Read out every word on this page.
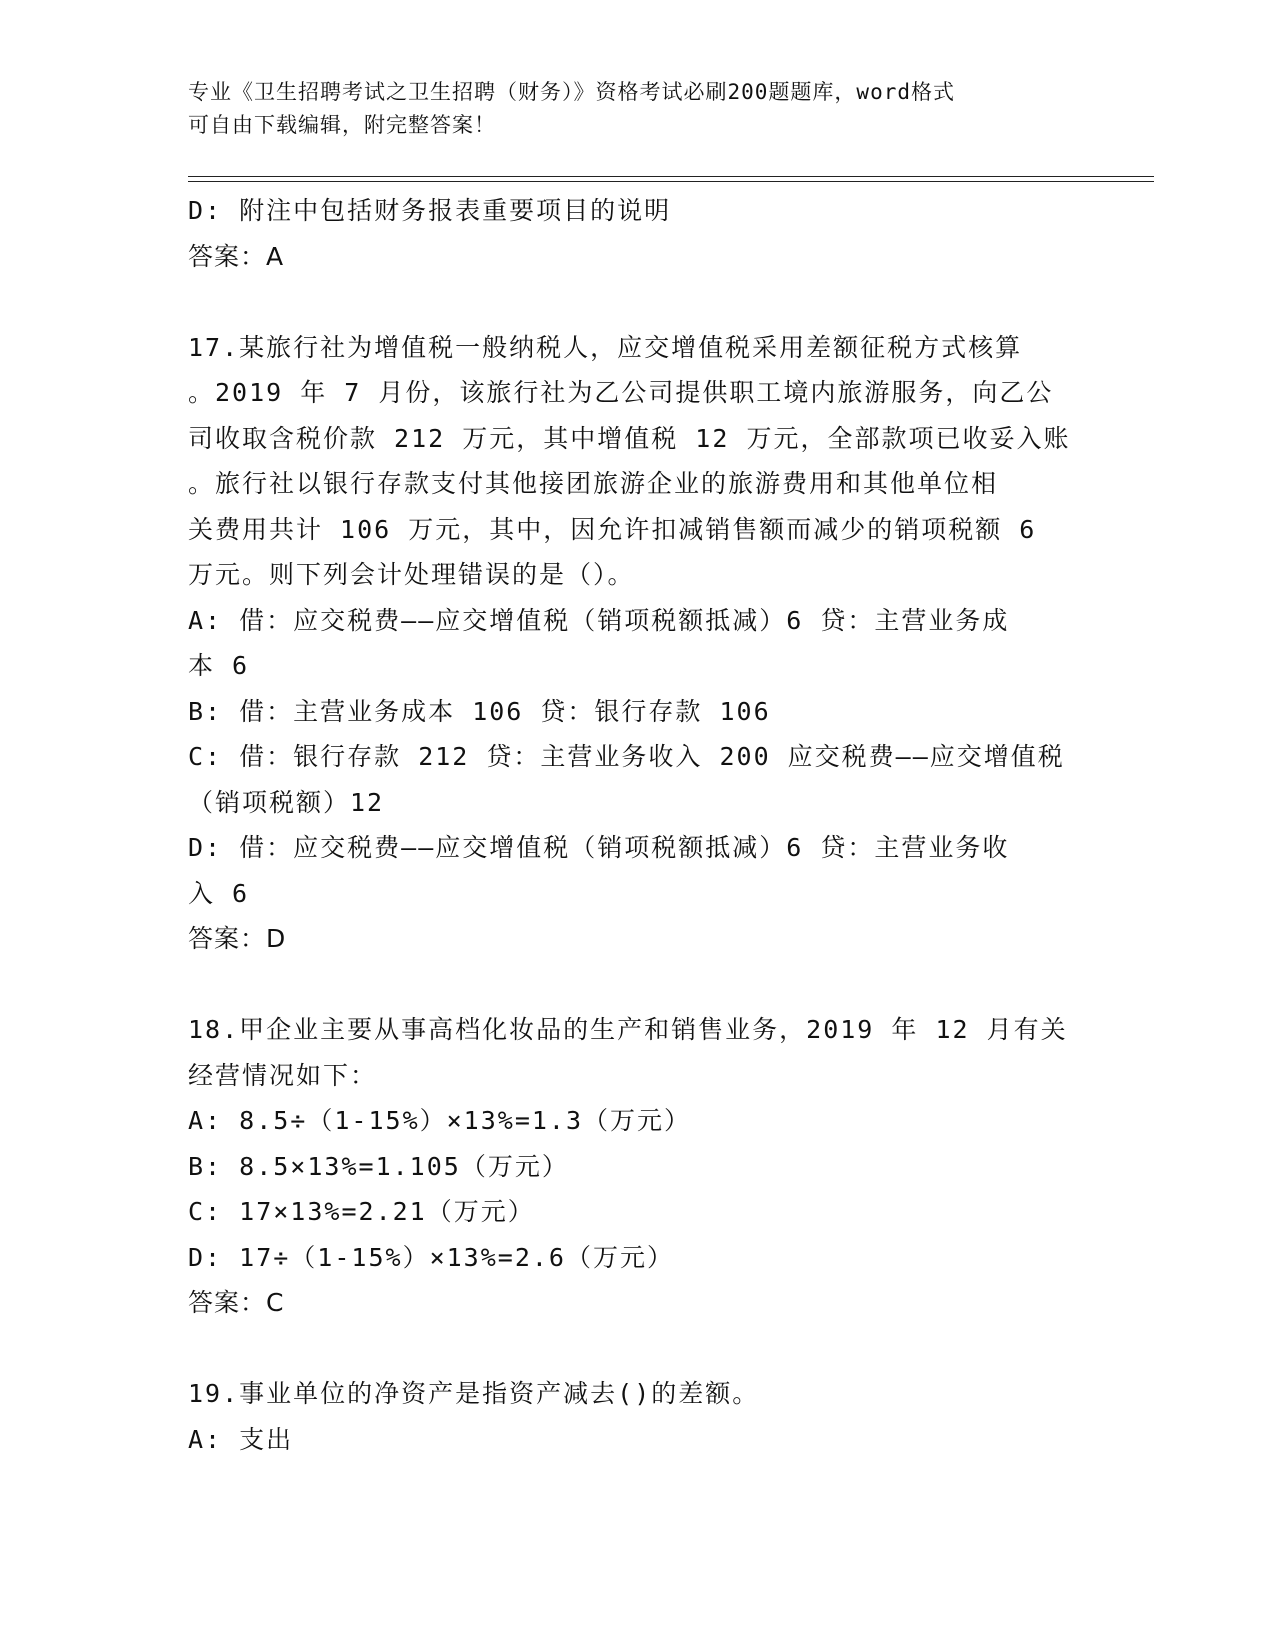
专业《卫生招聘考试之卫生招聘（财务）》资格考试必刷200题题库，word格式
可自由下载编辑，附完整答案！

D: 附注中包括财务报表重要项目的说明

答案：A

17.某旅行社为增值税一般纳税人，应交增值税采用差额征税方式核算

。2019 年 7 月份，该旅行社为乙公司提供职工境内旅游服务，向乙公

司收取含税价款 212 万元，其中增值税 12 万元，全部款项已收妥入账

。旅行社以银行存款支付其他接团旅游企业的旅游费用和其他单位相

关费用共计 106 万元，其中，因允许扣减销售额而减少的销项税额 6

万元。则下列会计处理错误的是（）。

A: 借：应交税费——应交增值税（销项税额抵减）6 贷：主营业务成

本 6

B: 借：主营业务成本 106 贷：银行存款 106

C: 借：银行存款 212 贷：主营业务收入 200 应交税费——应交增值税

（销项税额）12

D: 借：应交税费——应交增值税（销项税额抵减）6 贷：主营业务收

入 6

答案：D

18.甲企业主要从事高档化妆品的生产和销售业务，2019 年 12 月有关

经营情况如下：

A: 8.5÷（1-15%）×13%=1.3（万元）

B: 8.5×13%=1.105（万元）

C: 17×13%=2.21（万元）

D: 17÷（1-15%）×13%=2.6（万元）

答案：C

19.事业单位的净资产是指资产减去()的差额。

A: 支出
